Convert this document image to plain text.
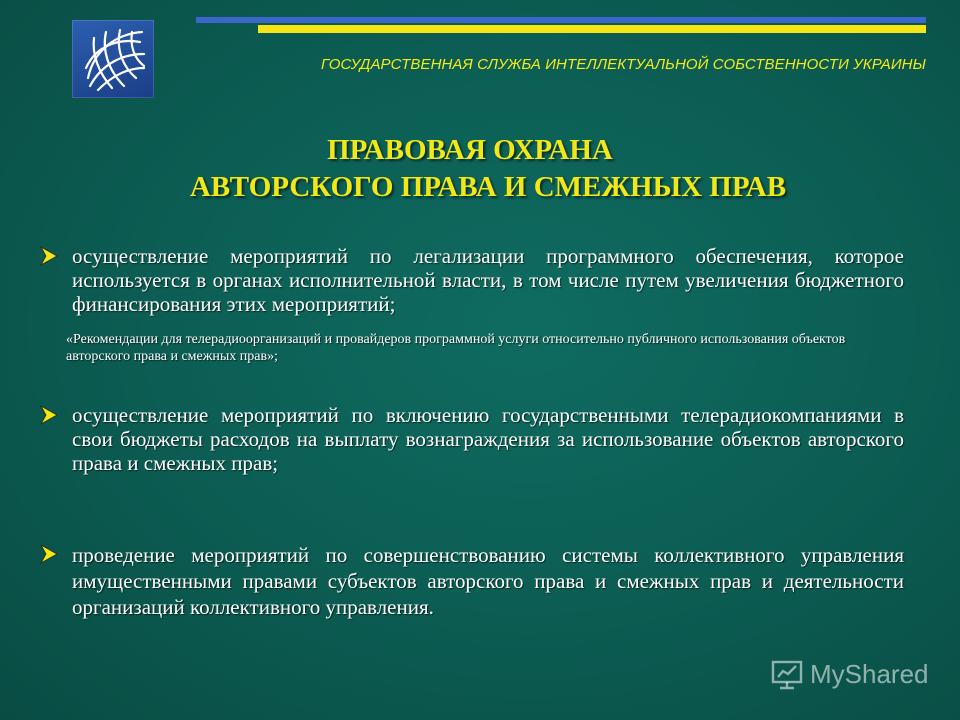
ГОСУДАРСТВЕННАЯ СЛУЖБА ИНТЕЛЛЕКТУАЛЬНОЙ СОБСТВЕННОСТИ УКРАИНЫ
ПРАВОВАЯ ОХРАНА
АВТОРСКОГО ПРАВА И СМЕЖНЫХ ПРАВ
осуществление мероприятий по легализации программного обеспечения, которое используется в органах исполнительной власти, в том числе путем увеличения бюджетного финансирования этих мероприятий;
«Рекомендации для телерадиоорганизаций и провайдеров программной услуги относительно публичного использования объектов авторского права и смежных прав»;
осуществление мероприятий по включению государственными телерадиокомпаниями в свои бюджеты расходов на выплату вознаграждения за использование объектов авторского права и смежных прав;
проведение мероприятий по совершенствованию системы коллективного управления имущественными правами субъектов авторского права и смежных прав и деятельности организаций коллективного управления.
MyShared
